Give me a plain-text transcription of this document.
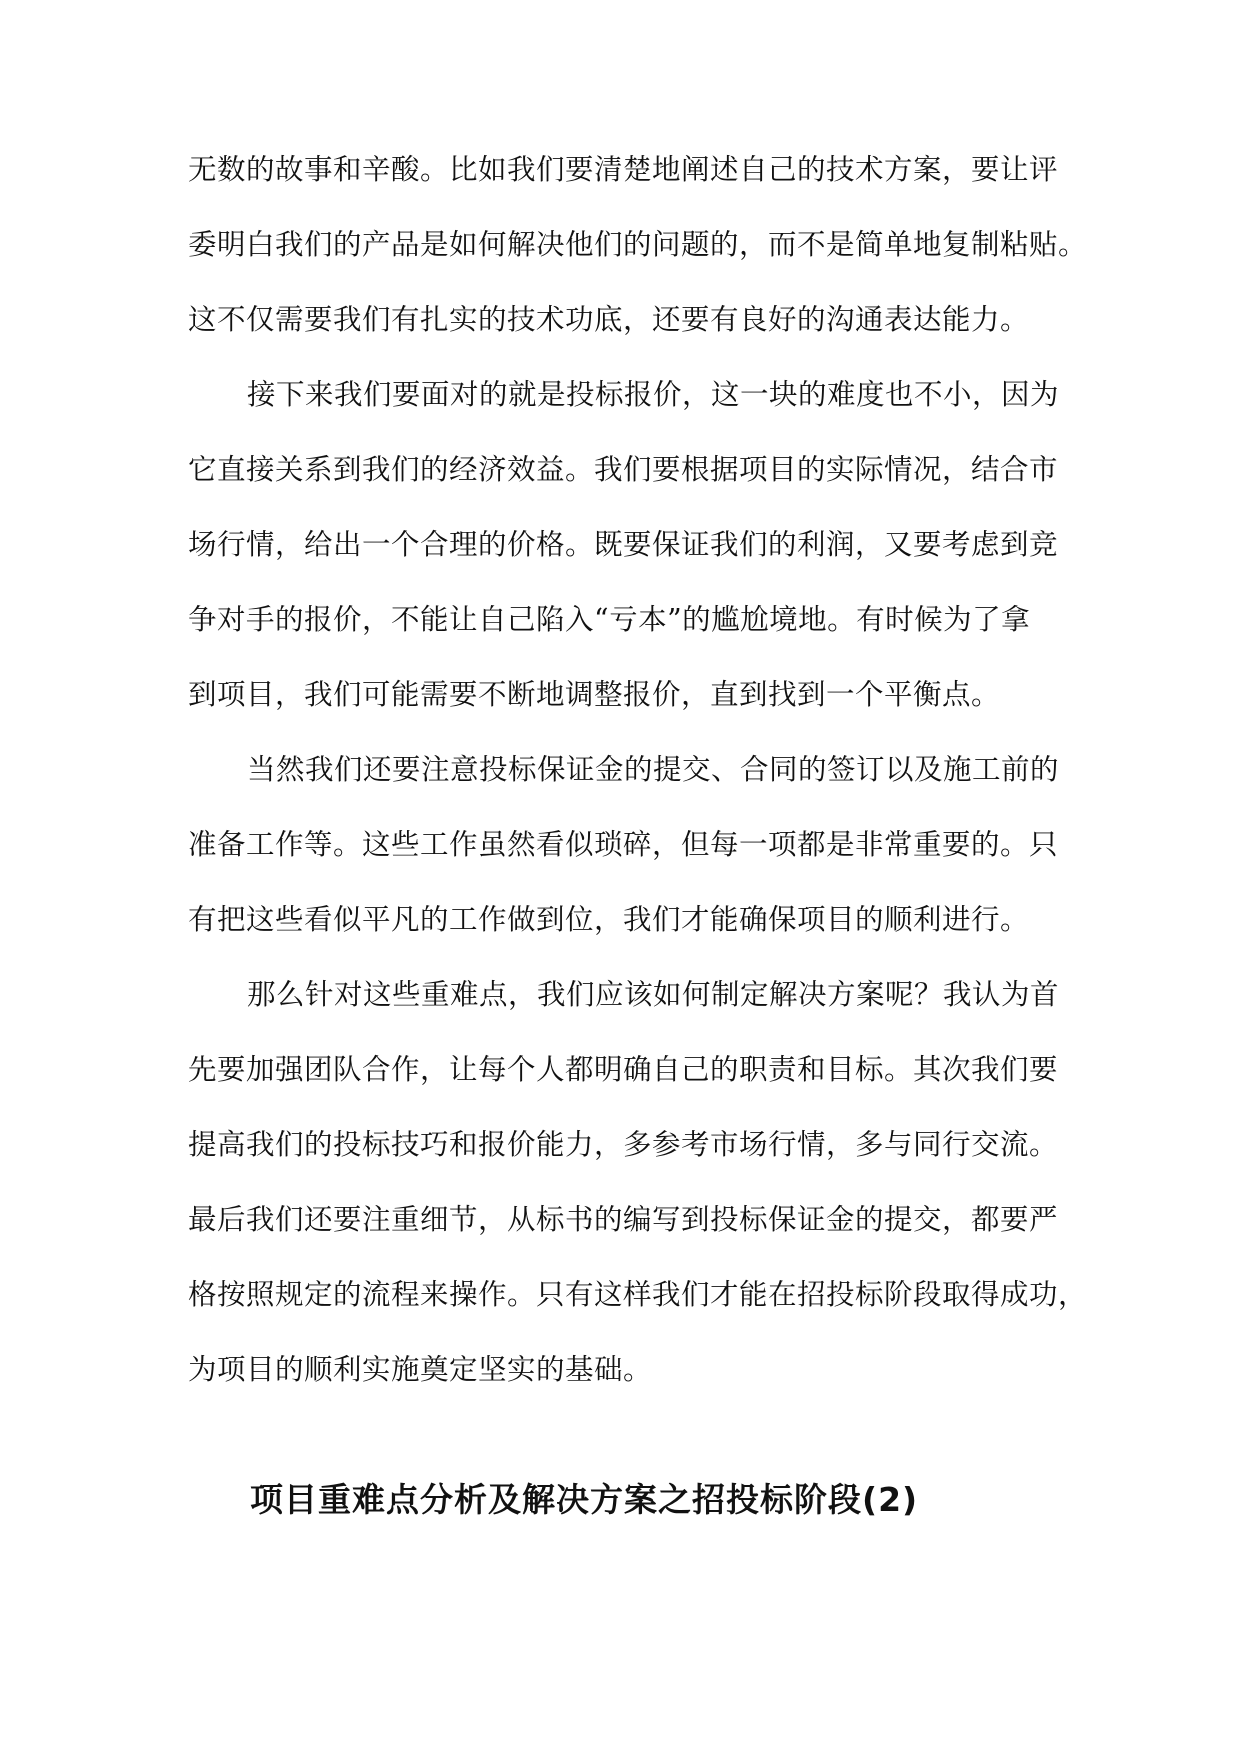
无数的故事和辛酸。比如我们要清楚地阐述自己的技术方案，要让评
委明白我们的产品是如何解决他们的问题的，而不是简单地复制粘贴。
这不仅需要我们有扎实的技术功底，还要有良好的沟通表达能力。
接下来我们要面对的就是投标报价，这一块的难度也不小，因为
它直接关系到我们的经济效益。我们要根据项目的实际情况，结合市
场行情，给出一个合理的价格。既要保证我们的利润，又要考虑到竞
争对手的报价，不能让自己陷入“亏本”的尴尬境地。有时候为了拿
到项目，我们可能需要不断地调整报价，直到找到一个平衡点。
当然我们还要注意投标保证金的提交、合同的签订以及施工前的
准备工作等。这些工作虽然看似琐碎，但每一项都是非常重要的。只
有把这些看似平凡的工作做到位，我们才能确保项目的顺利进行。
那么针对这些重难点，我们应该如何制定解决方案呢？我认为首
先要加强团队合作，让每个人都明确自己的职责和目标。其次我们要
提高我们的投标技巧和报价能力，多参考市场行情，多与同行交流。
最后我们还要注重细节，从标书的编写到投标保证金的提交，都要严
格按照规定的流程来操作。只有这样我们才能在招投标阶段取得成功，
为项目的顺利实施奠定坚实的基础。
项目重难点分析及解决方案之招投标阶段(2)
